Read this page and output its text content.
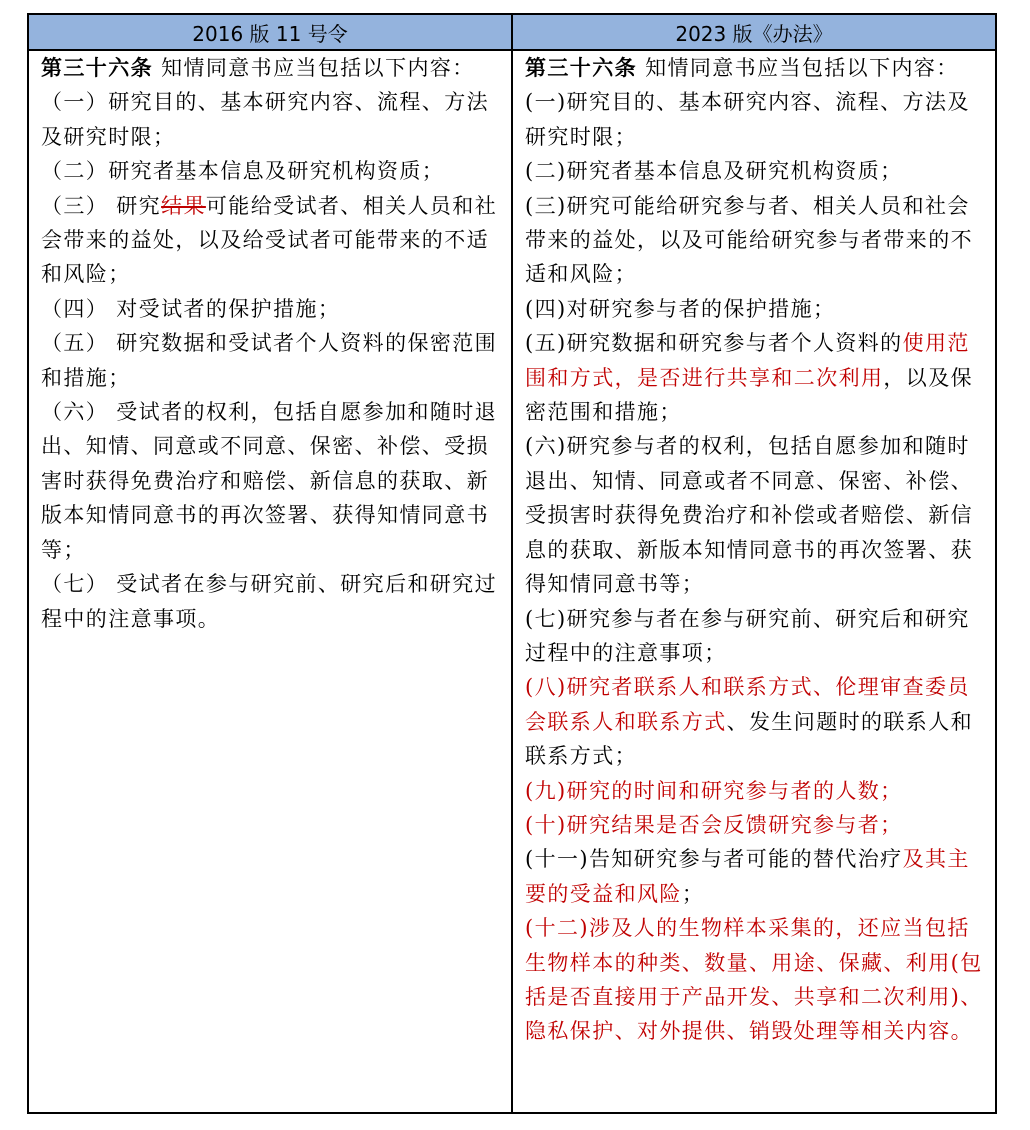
2016 版 11 号令	2023 版《办法》

第三十六条 知情同意书应当包括以下内容：

（一）研究目的、基本研究内容、流程、方法及研究时限；

（二）研究者基本信息及研究机构资质；

（三） 研究结果可能给受试者、相关人员和社会带来的益处，以及给受试者可能带来的不适和风险；

（四） 对受试者的保护措施；

（五） 研究数据和受试者个人资料的保密范围和措施；

（六） 受试者的权利，包括自愿参加和随时退出、知情、同意或不同意、保密、补偿、受损害时获得免费治疗和赔偿、新信息的获取、新版本知情同意书的再次签署、获得知情同意书等；

（七） 受试者在参与研究前、研究后和研究过程中的注意事项。

第三十六条 知情同意书应当包括以下内容：

(一)研究目的、基本研究内容、流程、方法及研究时限；

(二)研究者基本信息及研究机构资质；

(三)研究可能给研究参与者、相关人员和社会带来的益处，以及可能给研究参与者带来的不适和风险；

(四)对研究参与者的保护措施；

(五)研究数据和研究参与者个人资料的使用范围和方式，是否进行共享和二次利用，以及保密范围和措施；

(六)研究参与者的权利，包括自愿参加和随时退出、知情、同意或者不同意、保密、补偿、受损害时获得免费治疗和补偿或者赔偿、新信息的获取、新版本知情同意书的再次签署、获得知情同意书等；

(七)研究参与者在参与研究前、研究后和研究过程中的注意事项；

(八)研究者联系人和联系方式、伦理审查委员会联系人和联系方式、发生问题时的联系人和联系方式；

(九)研究的时间和研究参与者的人数；

(十)研究结果是否会反馈研究参与者；

(十一)告知研究参与者可能的替代治疗及其主要的受益和风险；

(十二)涉及人的生物样本采集的，还应当包括生物样本的种类、数量、用途、保藏、利用(包括是否直接用于产品开发、共享和二次利用)、隐私保护、对外提供、销毁处理等相关内容。
